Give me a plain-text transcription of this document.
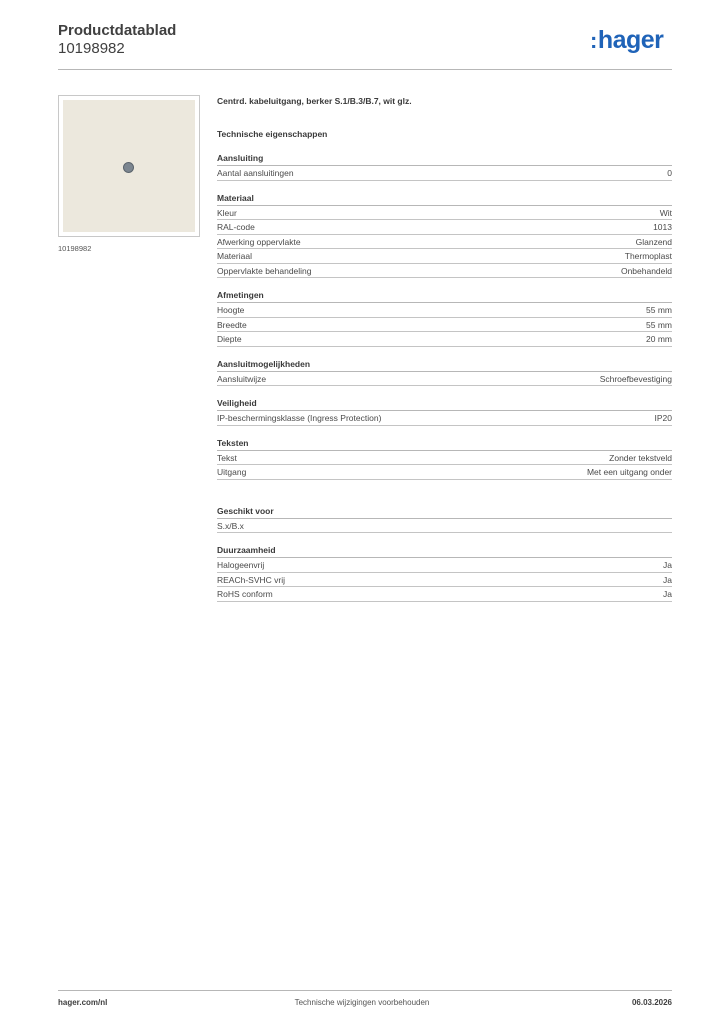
Productdatablad
10198982	:hager
10198982
Centrd. kabeluitgang, berker S.1/B.3/B.7, wit glz.
Technische eigenschappen
Aansluiting
Aantal aansluitingen	0
Materiaal
Kleur	Wit
RAL-code	1013
Afwerking oppervlakte	Glanzend
Materiaal	Thermoplast
Oppervlakte behandeling	Onbehandeld
Afmetingen
Hoogte	55 mm
Breedte	55 mm
Diepte	20 mm
Aansluitmogelijkheden
Aansluitwijze	Schroefbevestiging
Veiligheid
IP-beschermingsklasse (Ingress Protection)	IP20
Teksten
Tekst	Zonder tekstveld
Uitgang	Met een uitgang onder
Geschikt voor
S.x/B.x
Duurzaamheid
Halogeenvrij	Ja
REACh-SVHC vrij	Ja
RoHS conform	Ja
Technische wijzigingen voorbehouden
hager.com/nl	06.03.2026
